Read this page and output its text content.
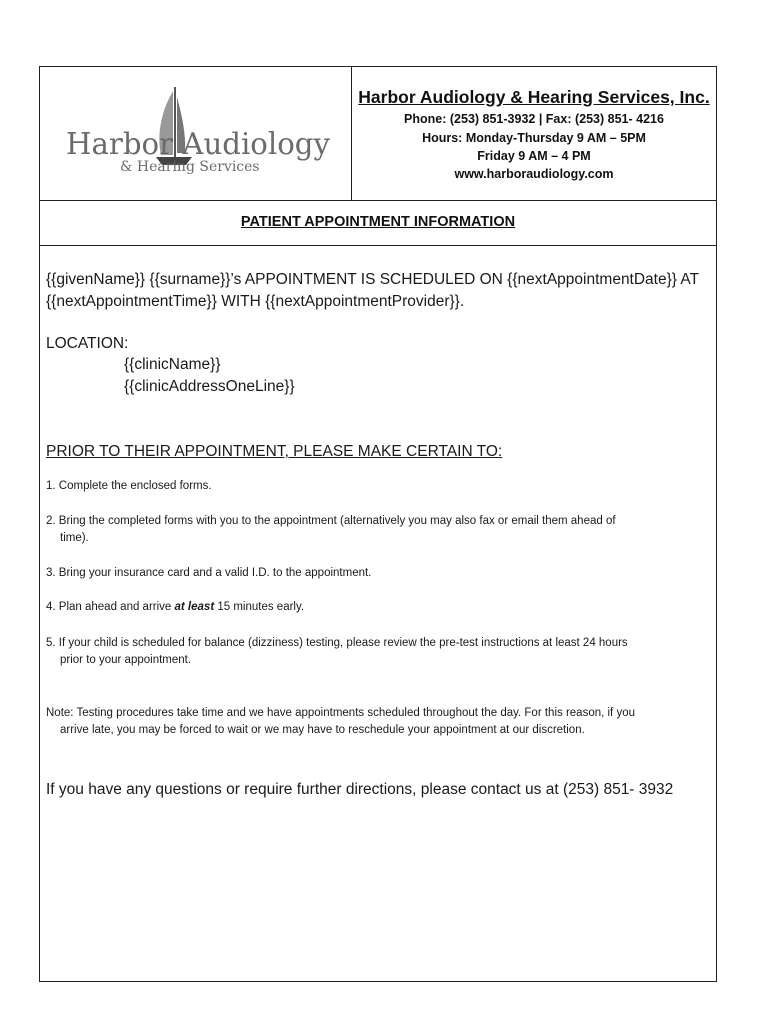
Harbor Audiology
& Hearing Services
Harbor Audiology & Hearing Services, Inc.
Phone: (253) 851-3932 | Fax: (253) 851- 4216
Hours: Monday-Thursday 9 AM – 5PM
Friday 9 AM – 4 PM
www.harboraudiology.com
PATIENT APPOINTMENT INFORMATION
{{givenName}} {{surname}}’s APPOINTMENT IS SCHEDULED ON {{nextAppointmentDate}} AT
{{nextAppointmentTime}} WITH {{nextAppointmentProvider}}.
LOCATION:
{{clinicName}}
{{clinicAddressOneLine}}
PRIOR TO THEIR APPOINTMENT, PLEASE MAKE CERTAIN TO:
1. Complete the enclosed forms.
2. Bring the completed forms with you to the appointment (alternatively you may also fax or email them ahead of
time).
3. Bring your insurance card and a valid I.D. to the appointment.
4. Plan ahead and arrive at least 15 minutes early.
5. If your child is scheduled for balance (dizziness) testing, please review the pre-test instructions at least 24 hours
prior to your appointment.
Note: Testing procedures take time and we have appointments scheduled throughout the day. For this reason, if you
arrive late, you may be forced to wait or we may have to reschedule your appointment at our discretion.
If you have any questions or require further directions, please contact us at (253) 851- 3932
